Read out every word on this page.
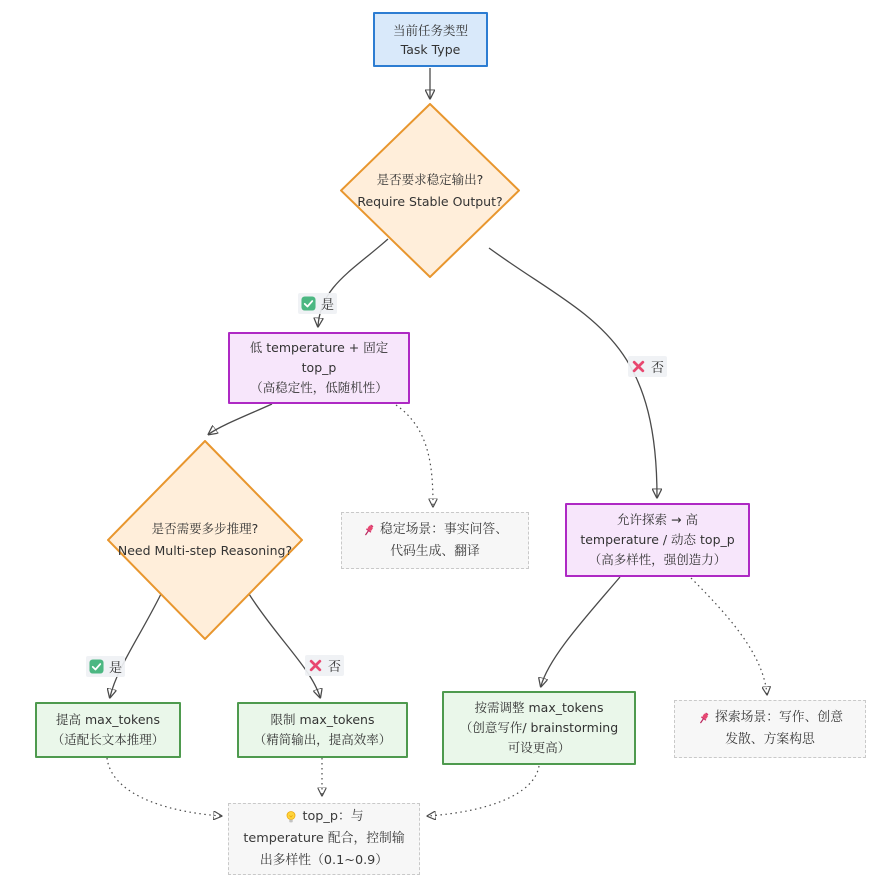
当前任务类型
Task Type
是否要求稳定输出?
Require Stable Output?
低 temperature + 固定
top_p
（高稳定性，低随机性）
允许探索 → 高
temperature / 动态 top_p
（高多样性，强创造力）
是否需要多步推理?
Need Multi-step Reasoning?
提高 max_tokens
（适配长文本推理）
限制 max_tokens
（精简输出，提高效率）
按需调整 max_tokens
（创意写作/ brainstorming
可设更高）
稳定场景：事实问答、
代码生成、翻译
探索场景：写作、创意
发散、方案构思
top_p：与
temperature 配合，控制输
出多样性（0.1~0.9）
是
否
是	否
